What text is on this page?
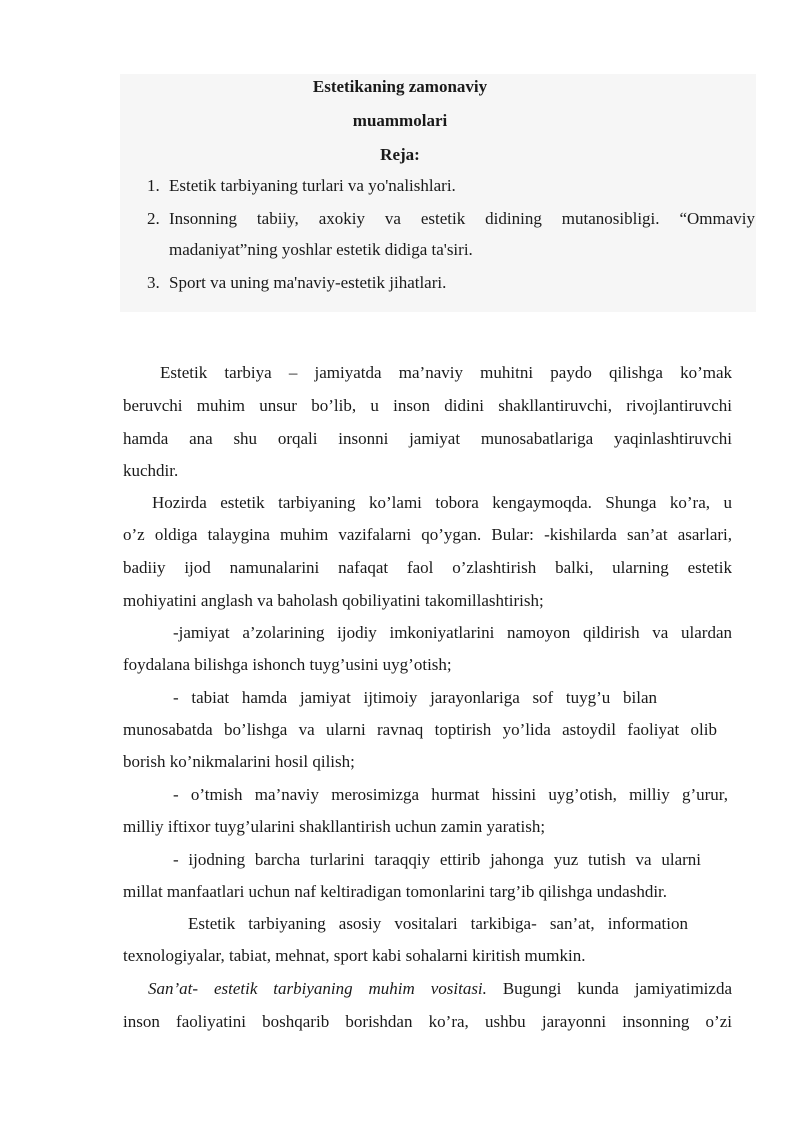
Estetikaning zamonaviy
muammolari
Reja:
1. Estetik tarbiyaning turlari va yo'nalishlari.
2. Insonning tabiiy, axokiy va estetik didining mutanosibligi. “Ommaviy
madaniyat”ning yoshlar estetik didiga ta'siri.
3. Sport va uning ma'naviy-estetik jihatlari.
Estetik tarbiya – jamiyatda ma’naviy muhitni paydo qilishga ko’mak
beruvchi muhim unsur bo’lib, u inson didini shakllantiruvchi, rivojlantiruvchi
hamda ana shu orqali insonni jamiyat munosabatlariga yaqinlashtiruvchi
kuchdir.
Hozirda estetik tarbiyaning ko’lami tobora kengaymoqda. Shunga ko’ra, u
o’z oldiga talaygina muhim vazifalarni qo’ygan. Bular: -kishilarda san’at asarlari,
badiiy ijod namunalarini nafaqat faol o’zlashtirish balki, ularning estetik
mohiyatini anglash va baholash qobiliyatini takomillashtirish;
-jamiyat a’zolarining ijodiy imkoniyatlarini namoyon qildirish va ulardan
foydalana bilishga ishonch tuyg’usini uyg’otish;
- tabiat hamda jamiyat ijtimoiy jarayonlariga sof tuyg’u bilan
munosabatda bo’lishga va ularni ravnaq toptirish yo’lida astoydil faoliyat olib
borish ko’nikmalarini hosil qilish;
- o’tmish ma’naviy merosimizga hurmat hissini uyg’otish, milliy g’urur,
milliy iftixor tuyg’ularini shakllantirish uchun zamin yaratish;
- ijodning barcha turlarini taraqqiy ettirib jahonga yuz tutish va ularni
millat manfaatlari uchun naf keltiradigan tomonlarini targ’ib qilishga undashdir.
Estetik tarbiyaning asosiy vositalari tarkibiga- san’at, information
texnologiyalar, tabiat, mehnat, sport kabi sohalarni kiritish mumkin.
San’at- estetik tarbiyaning muhim vositasi. Bugungi kunda jamiyatimizda
inson faoliyatini boshqarib borishdan ko’ra, ushbu jarayonni insonning o’zi
